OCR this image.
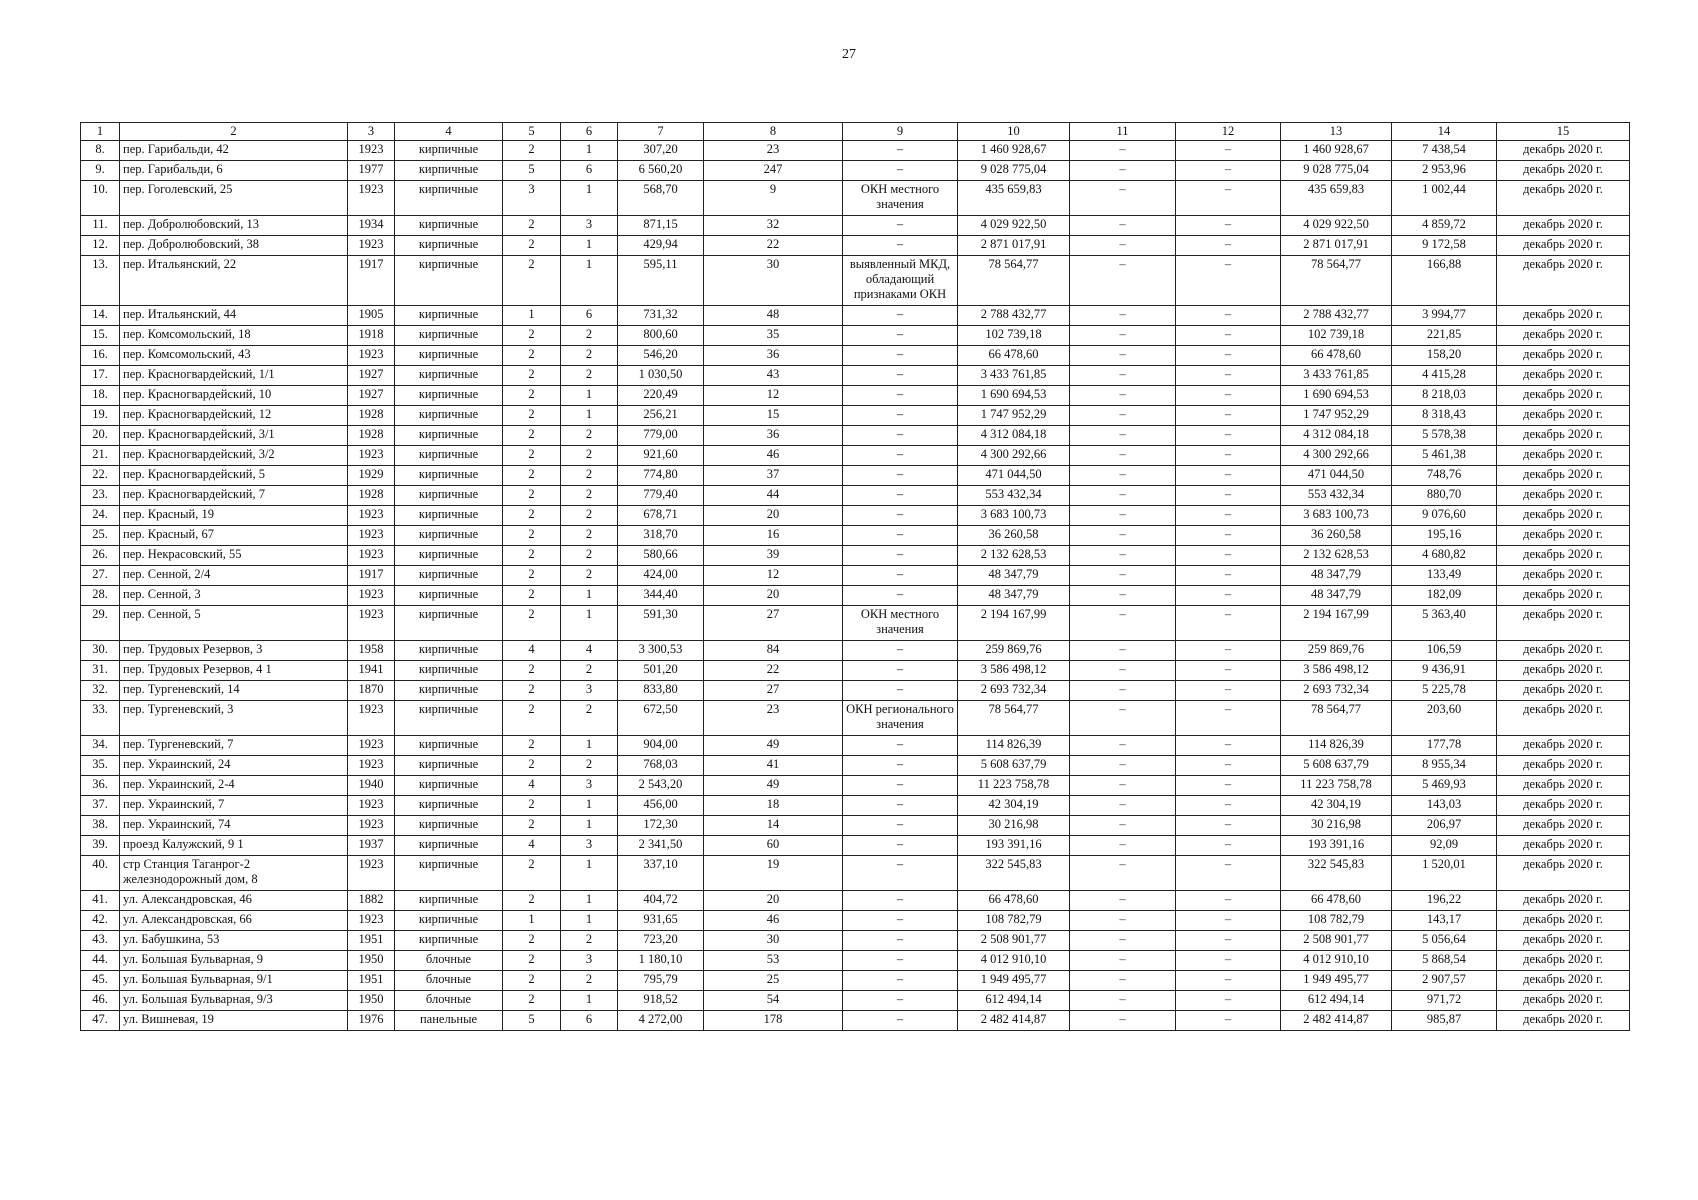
27
1	2	3	4	5	6	7	8	9	10	11	12	13	14	15
8.	пер. Гарибальди, 42	1923	кирпичные	2	1	307,20	23	–	1 460 928,67	–	–	1 460 928,67	7 438,54	декабрь 2020 г.
9.	пер. Гарибальди, 6	1977	кирпичные	5	6	6 560,20	247	–	9 028 775,04	–	–	9 028 775,04	2 953,96	декабрь 2020 г.
10.	пер. Гоголевский, 25	1923	кирпичные	3	1	568,70	9	ОКН местного значения	435 659,83	–	–	435 659,83	1 002,44	декабрь 2020 г.
11.	пер. Добролюбовский, 13	1934	кирпичные	2	3	871,15	32	–	4 029 922,50	–	–	4 029 922,50	4 859,72	декабрь 2020 г.
12.	пер. Добролюбовский, 38	1923	кирпичные	2	1	429,94	22	–	2 871 017,91	–	–	2 871 017,91	9 172,58	декабрь 2020 г.
13.	пер. Итальянский, 22	1917	кирпичные	2	1	595,11	30	выявленный МКД, обладающий признаками ОКН	78 564,77	–	–	78 564,77	166,88	декабрь 2020 г.
14.	пер. Итальянский, 44	1905	кирпичные	1	6	731,32	48	–	2 788 432,77	–	–	2 788 432,77	3 994,77	декабрь 2020 г.
15.	пер. Комсомольский, 18	1918	кирпичные	2	2	800,60	35	–	102 739,18	–	–	102 739,18	221,85	декабрь 2020 г.
16.	пер. Комсомольский, 43	1923	кирпичные	2	2	546,20	36	–	66 478,60	–	–	66 478,60	158,20	декабрь 2020 г.
17.	пер. Красногвардейский, 1/1	1927	кирпичные	2	2	1 030,50	43	–	3 433 761,85	–	–	3 433 761,85	4 415,28	декабрь 2020 г.
18.	пер. Красногвардейский, 10	1927	кирпичные	2	1	220,49	12	–	1 690 694,53	–	–	1 690 694,53	8 218,03	декабрь 2020 г.
19.	пер. Красногвардейский, 12	1928	кирпичные	2	1	256,21	15	–	1 747 952,29	–	–	1 747 952,29	8 318,43	декабрь 2020 г.
20.	пер. Красногвардейский, 3/1	1928	кирпичные	2	2	779,00	36	–	4 312 084,18	–	–	4 312 084,18	5 578,38	декабрь 2020 г.
21.	пер. Красногвардейский, 3/2	1923	кирпичные	2	2	921,60	46	–	4 300 292,66	–	–	4 300 292,66	5 461,38	декабрь 2020 г.
22.	пер. Красногвардейский, 5	1929	кирпичные	2	2	774,80	37	–	471 044,50	–	–	471 044,50	748,76	декабрь 2020 г.
23.	пер. Красногвардейский, 7	1928	кирпичные	2	2	779,40	44	–	553 432,34	–	–	553 432,34	880,70	декабрь 2020 г.
24.	пер. Красный, 19	1923	кирпичные	2	2	678,71	20	–	3 683 100,73	–	–	3 683 100,73	9 076,60	декабрь 2020 г.
25.	пер. Красный, 67	1923	кирпичные	2	2	318,70	16	–	36 260,58	–	–	36 260,58	195,16	декабрь 2020 г.
26.	пер. Некрасовский, 55	1923	кирпичные	2	2	580,66	39	–	2 132 628,53	–	–	2 132 628,53	4 680,82	декабрь 2020 г.
27.	пер. Сенной, 2/4	1917	кирпичные	2	2	424,00	12	–	48 347,79	–	–	48 347,79	133,49	декабрь 2020 г.
28.	пер. Сенной, 3	1923	кирпичные	2	1	344,40	20	–	48 347,79	–	–	48 347,79	182,09	декабрь 2020 г.
29.	пер. Сенной, 5	1923	кирпичные	2	1	591,30	27	ОКН местного значения	2 194 167,99	–	–	2 194 167,99	5 363,40	декабрь 2020 г.
30.	пер. Трудовых Резервов, 3	1958	кирпичные	4	4	3 300,53	84	–	259 869,76	–	–	259 869,76	106,59	декабрь 2020 г.
31.	пер. Трудовых Резервов, 4 1	1941	кирпичные	2	2	501,20	22	–	3 586 498,12	–	–	3 586 498,12	9 436,91	декабрь 2020 г.
32.	пер. Тургеневский, 14	1870	кирпичные	2	3	833,80	27	–	2 693 732,34	–	–	2 693 732,34	5 225,78	декабрь 2020 г.
33.	пер. Тургеневский, 3	1923	кирпичные	2	2	672,50	23	ОКН регионального значения	78 564,77	–	–	78 564,77	203,60	декабрь 2020 г.
34.	пер. Тургеневский, 7	1923	кирпичные	2	1	904,00	49	–	114 826,39	–	–	114 826,39	177,78	декабрь 2020 г.
35.	пер. Украинский, 24	1923	кирпичные	2	2	768,03	41	–	5 608 637,79	–	–	5 608 637,79	8 955,34	декабрь 2020 г.
36.	пер. Украинский, 2-4	1940	кирпичные	4	3	2 543,20	49	–	11 223 758,78	–	–	11 223 758,78	5 469,93	декабрь 2020 г.
37.	пер. Украинский, 7	1923	кирпичные	2	1	456,00	18	–	42 304,19	–	–	42 304,19	143,03	декабрь 2020 г.
38.	пер. Украинский, 74	1923	кирпичные	2	1	172,30	14	–	30 216,98	–	–	30 216,98	206,97	декабрь 2020 г.
39.	проезд Калужский, 9 1	1937	кирпичные	4	3	2 341,50	60	–	193 391,16	–	–	193 391,16	92,09	декабрь 2020 г.
40.	стр Станция Таганрог-2 железнодорожный дом, 8	1923	кирпичные	2	1	337,10	19	–	322 545,83	–	–	322 545,83	1 520,01	декабрь 2020 г.
41.	ул. Александровская, 46	1882	кирпичные	2	1	404,72	20	–	66 478,60	–	–	66 478,60	196,22	декабрь 2020 г.
42.	ул. Александровская, 66	1923	кирпичные	1	1	931,65	46	–	108 782,79	–	–	108 782,79	143,17	декабрь 2020 г.
43.	ул. Бабушкина, 53	1951	кирпичные	2	2	723,20	30	–	2 508 901,77	–	–	2 508 901,77	5 056,64	декабрь 2020 г.
44.	ул. Большая Бульварная, 9	1950	блочные	2	3	1 180,10	53	–	4 012 910,10	–	–	4 012 910,10	5 868,54	декабрь 2020 г.
45.	ул. Большая Бульварная, 9/1	1951	блочные	2	2	795,79	25	–	1 949 495,77	–	–	1 949 495,77	2 907,57	декабрь 2020 г.
46.	ул. Большая Бульварная, 9/3	1950	блочные	2	1	918,52	54	–	612 494,14	–	–	612 494,14	971,72	декабрь 2020 г.
47.	ул. Вишневая, 19	1976	панельные	5	6	4 272,00	178	–	2 482 414,87	–	–	2 482 414,87	985,87	декабрь 2020 г.
